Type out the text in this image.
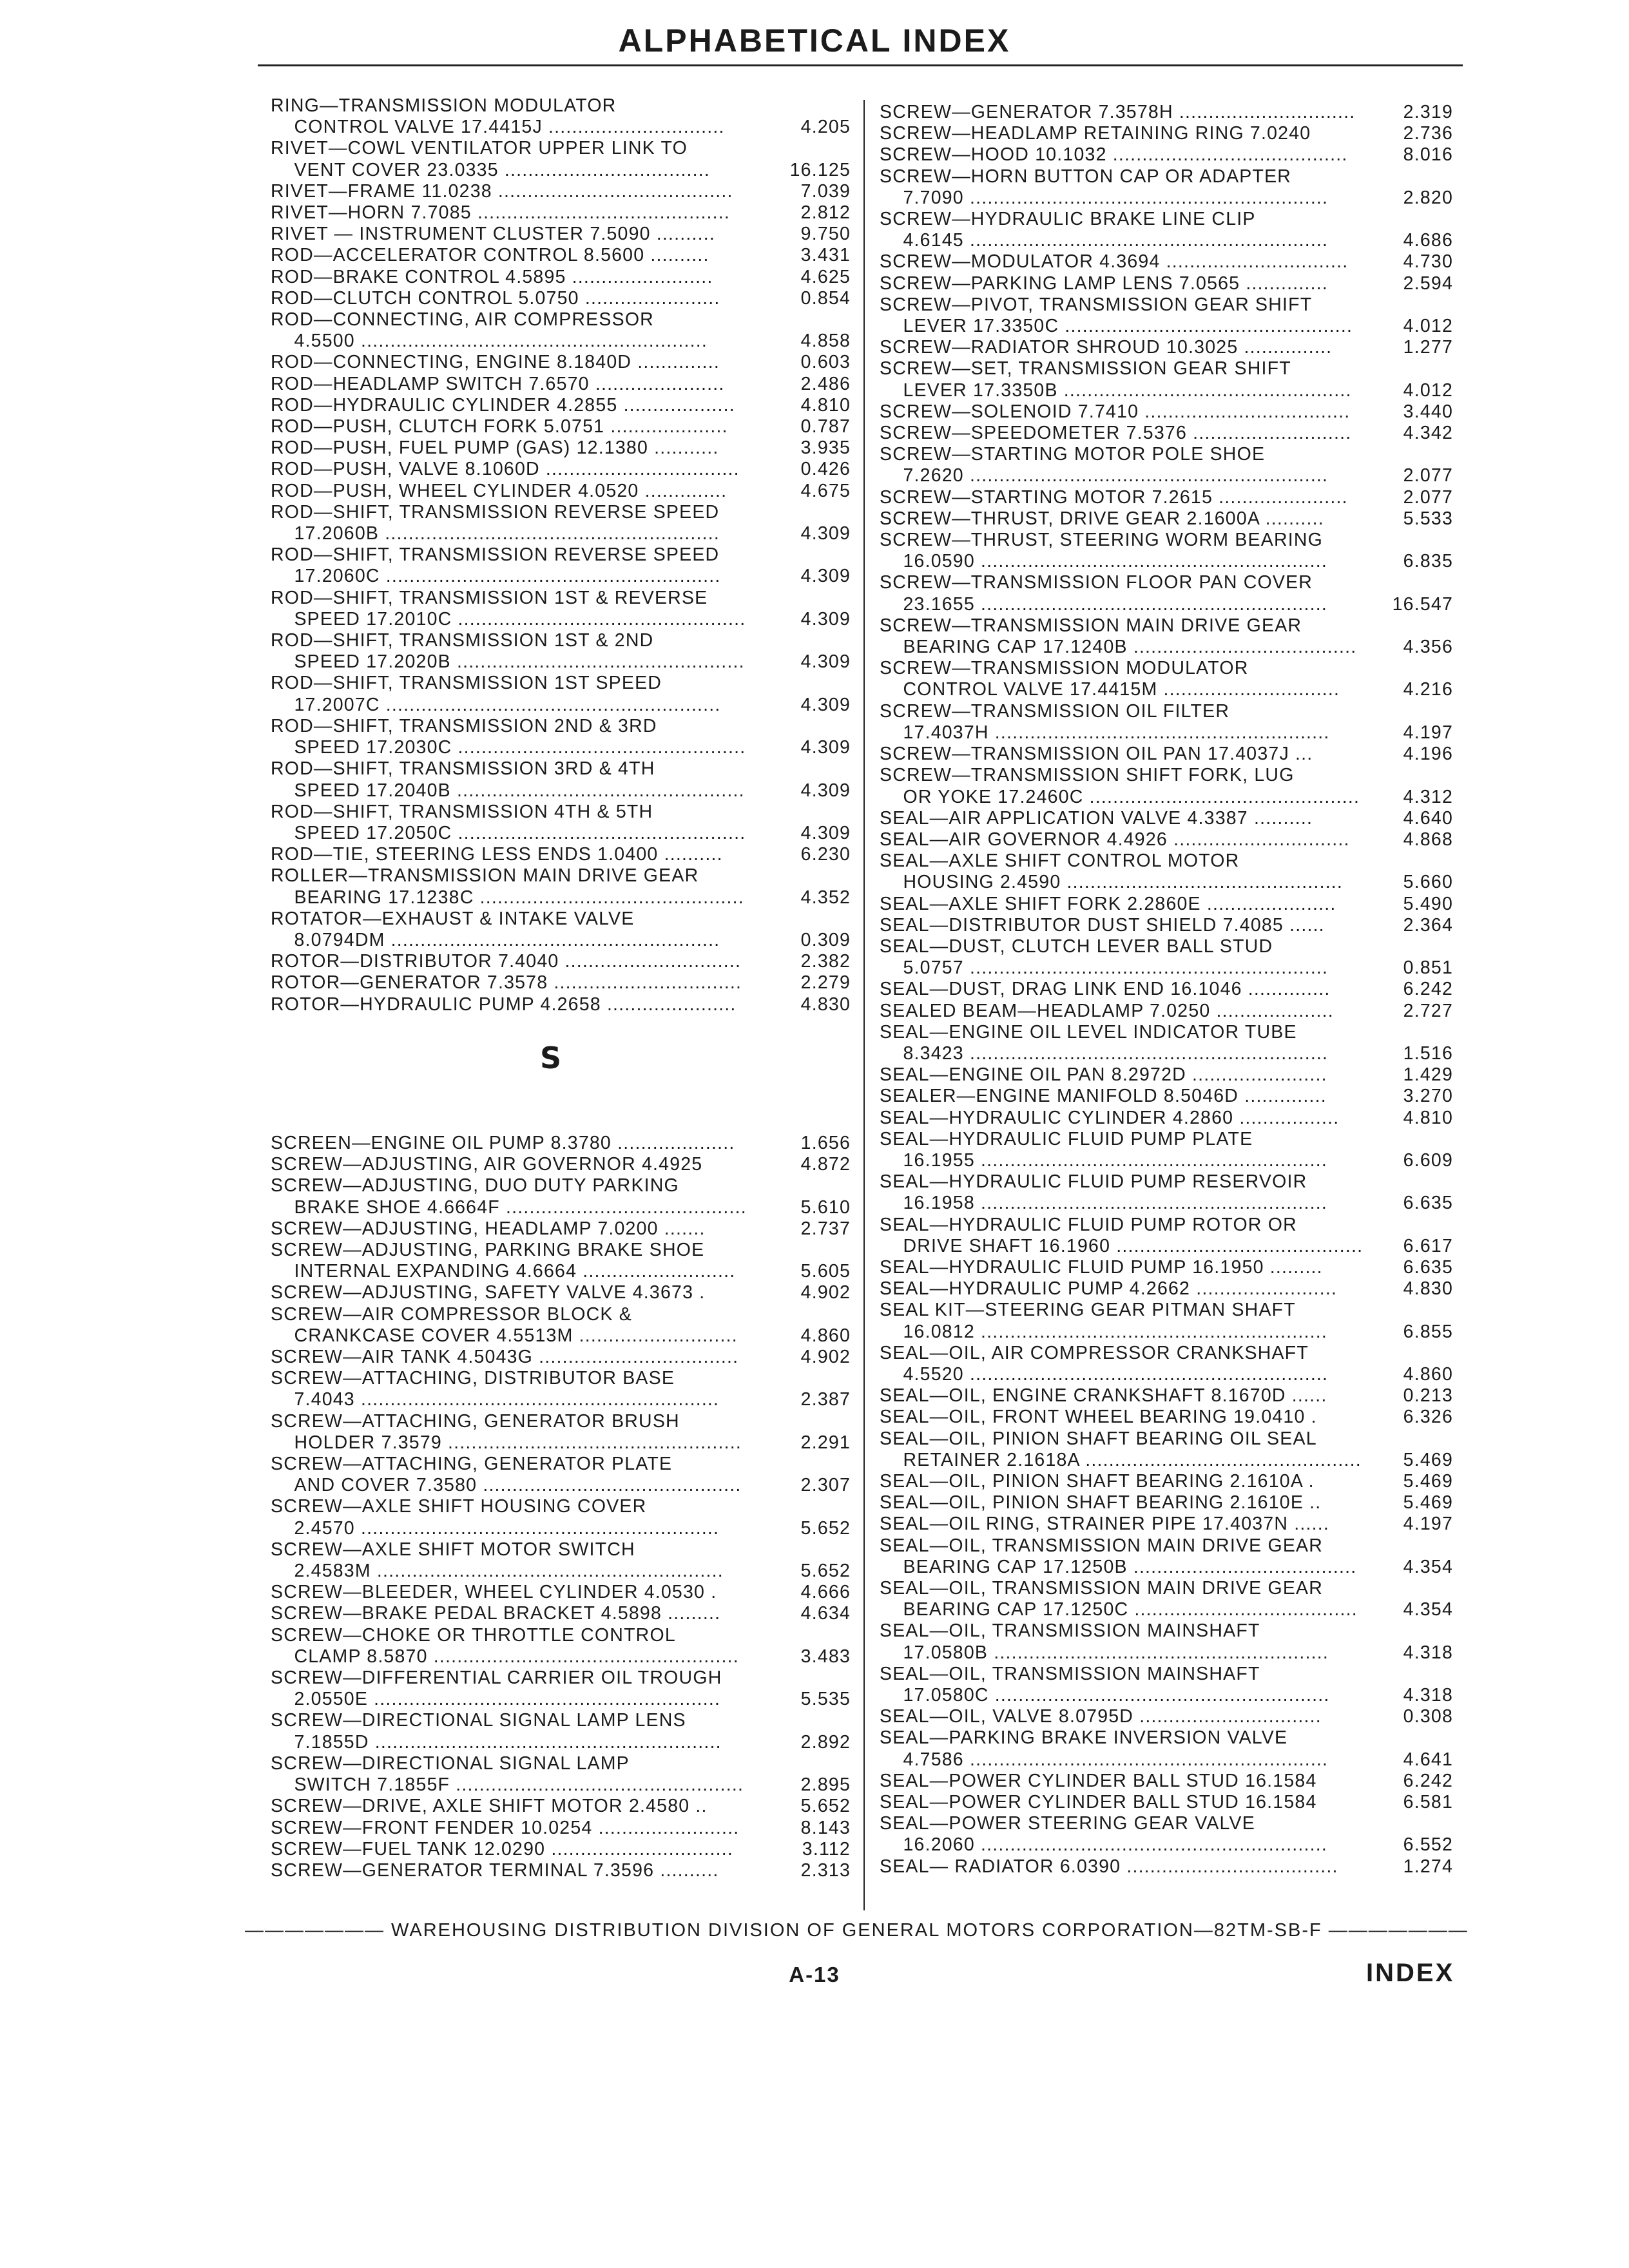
ALPHABETICAL INDEX
RING—TRANSMISSION MODULATOR
CONTROL VALVE 17.4415J ..............................	4.205
RIVET—COWL VENTILATOR UPPER LINK TO
VENT COVER 23.0335 ...................................	16.125
RIVET—FRAME 11.0238 ........................................	7.039
RIVET—HORN 7.7085 ...........................................	2.812
RIVET — INSTRUMENT CLUSTER 7.5090 ..........	9.750
ROD—ACCELERATOR CONTROL 8.5600 ..........	3.431
ROD—BRAKE CONTROL 4.5895 ........................	4.625
ROD—CLUTCH CONTROL 5.0750 .......................	0.854
ROD—CONNECTING, AIR COMPRESSOR
4.5500 ...........................................................	4.858
ROD—CONNECTING, ENGINE 8.1840D ..............	0.603
ROD—HEADLAMP SWITCH 7.6570 ......................	2.486
ROD—HYDRAULIC CYLINDER 4.2855 ...................	4.810
ROD—PUSH, CLUTCH FORK 5.0751 ....................	0.787
ROD—PUSH, FUEL PUMP (GAS) 12.1380 ...........	3.935
ROD—PUSH, VALVE 8.1060D .................................	0.426
ROD—PUSH, WHEEL CYLINDER 4.0520 ..............	4.675
ROD—SHIFT, TRANSMISSION REVERSE SPEED
17.2060B .........................................................	4.309
ROD—SHIFT, TRANSMISSION REVERSE SPEED
17.2060C .........................................................	4.309
ROD—SHIFT, TRANSMISSION 1ST & REVERSE
SPEED 17.2010C .................................................	4.309
ROD—SHIFT, TRANSMISSION 1ST & 2ND
SPEED 17.2020B .................................................	4.309
ROD—SHIFT, TRANSMISSION 1ST SPEED
17.2007C .........................................................	4.309
ROD—SHIFT, TRANSMISSION 2ND & 3RD
SPEED 17.2030C .................................................	4.309
ROD—SHIFT, TRANSMISSION 3RD & 4TH
SPEED 17.2040B .................................................	4.309
ROD—SHIFT, TRANSMISSION 4TH & 5TH
SPEED 17.2050C .................................................	4.309
ROD—TIE, STEERING LESS ENDS 1.0400 ..........	6.230
ROLLER—TRANSMISSION MAIN DRIVE GEAR
BEARING 17.1238C .............................................	4.352
ROTATOR—EXHAUST & INTAKE VALVE
8.0794DM ........................................................	0.309
ROTOR—DISTRIBUTOR 7.4040 ..............................	2.382
ROTOR—GENERATOR 7.3578 ................................	2.279
ROTOR—HYDRAULIC PUMP 4.2658 ......................	4.830
S
SCREEN—ENGINE OIL PUMP 8.3780 ....................	1.656
SCREW—ADJUSTING, AIR GOVERNOR 4.4925	4.872
SCREW—ADJUSTING, DUO DUTY PARKING
BRAKE SHOE 4.6664F .........................................	5.610
SCREW—ADJUSTING, HEADLAMP 7.0200 .......	2.737
SCREW—ADJUSTING, PARKING BRAKE SHOE
INTERNAL EXPANDING 4.6664 ..........................	5.605
SCREW—ADJUSTING, SAFETY VALVE 4.3673 .	4.902
SCREW—AIR COMPRESSOR BLOCK &
CRANKCASE COVER 4.5513M ...........................	4.860
SCREW—AIR TANK 4.5043G ..................................	4.902
SCREW—ATTACHING, DISTRIBUTOR BASE
7.4043 .............................................................	2.387
SCREW—ATTACHING, GENERATOR BRUSH
HOLDER 7.3579 ..................................................	2.291
SCREW—ATTACHING, GENERATOR PLATE
AND COVER 7.3580 ............................................	2.307
SCREW—AXLE SHIFT HOUSING COVER
2.4570 .............................................................	5.652
SCREW—AXLE SHIFT MOTOR SWITCH
2.4583M ...........................................................	5.652
SCREW—BLEEDER, WHEEL CYLINDER 4.0530 .	4.666
SCREW—BRAKE PEDAL BRACKET 4.5898 .........	4.634
SCREW—CHOKE OR THROTTLE CONTROL
CLAMP 8.5870 ....................................................	3.483
SCREW—DIFFERENTIAL CARRIER OIL TROUGH
2.0550E ...........................................................	5.535
SCREW—DIRECTIONAL SIGNAL LAMP LENS
7.1855D ...........................................................	2.892
SCREW—DIRECTIONAL SIGNAL LAMP
SWITCH 7.1855F .................................................	2.895
SCREW—DRIVE, AXLE SHIFT MOTOR 2.4580 ..	5.652
SCREW—FRONT FENDER 10.0254 ........................	8.143
SCREW—FUEL TANK 12.0290 ...............................	3.112
SCREW—GENERATOR TERMINAL 7.3596 ..........	2.313
SCREW—GENERATOR 7.3578H ..............................	2.319
SCREW—HEADLAMP RETAINING RING 7.0240	2.736
SCREW—HOOD 10.1032 ........................................	8.016
SCREW—HORN BUTTON CAP OR ADAPTER
7.7090 .............................................................	2.820
SCREW—HYDRAULIC BRAKE LINE CLIP
4.6145 .............................................................	4.686
SCREW—MODULATOR 4.3694 ...............................	4.730
SCREW—PARKING LAMP LENS 7.0565 ..............	2.594
SCREW—PIVOT, TRANSMISSION GEAR SHIFT
LEVER 17.3350C .................................................	4.012
SCREW—RADIATOR SHROUD 10.3025 ...............	1.277
SCREW—SET, TRANSMISSION GEAR SHIFT
LEVER 17.3350B .................................................	4.012
SCREW—SOLENOID 7.7410 ...................................	3.440
SCREW—SPEEDOMETER 7.5376 ...........................	4.342
SCREW—STARTING MOTOR POLE SHOE
7.2620 .............................................................	2.077
SCREW—STARTING MOTOR 7.2615 ......................	2.077
SCREW—THRUST, DRIVE GEAR 2.1600A ..........	5.533
SCREW—THRUST, STEERING WORM BEARING
16.0590 ...........................................................	6.835
SCREW—TRANSMISSION FLOOR PAN COVER
23.1655 ...........................................................	16.547
SCREW—TRANSMISSION MAIN DRIVE GEAR
BEARING CAP 17.1240B ......................................	4.356
SCREW—TRANSMISSION MODULATOR
CONTROL VALVE 17.4415M ..............................	4.216
SCREW—TRANSMISSION OIL FILTER
17.4037H .........................................................	4.197
SCREW—TRANSMISSION OIL PAN 17.4037J ...	4.196
SCREW—TRANSMISSION SHIFT FORK, LUG
OR YOKE 17.2460C ..............................................	4.312
SEAL—AIR APPLICATION VALVE 4.3387 ..........	4.640
SEAL—AIR GOVERNOR 4.4926 ..............................	4.868
SEAL—AXLE SHIFT CONTROL MOTOR
HOUSING 2.4590 ...............................................	5.660
SEAL—AXLE SHIFT FORK 2.2860E ......................	5.490
SEAL—DISTRIBUTOR DUST SHIELD 7.4085 ......	2.364
SEAL—DUST, CLUTCH LEVER BALL STUD
5.0757 .............................................................	0.851
SEAL—DUST, DRAG LINK END 16.1046 ..............	6.242
SEALED BEAM—HEADLAMP 7.0250 ....................	2.727
SEAL—ENGINE OIL LEVEL INDICATOR TUBE
8.3423 .............................................................	1.516
SEAL—ENGINE OIL PAN 8.2972D .......................	1.429
SEALER—ENGINE MANIFOLD 8.5046D ..............	3.270
SEAL—HYDRAULIC CYLINDER 4.2860 .................	4.810
SEAL—HYDRAULIC FLUID PUMP PLATE
16.1955 ...........................................................	6.609
SEAL—HYDRAULIC FLUID PUMP RESERVOIR
16.1958 ...........................................................	6.635
SEAL—HYDRAULIC FLUID PUMP ROTOR OR
DRIVE SHAFT 16.1960 ..........................................	6.617
SEAL—HYDRAULIC FLUID PUMP 16.1950 .........	6.635
SEAL—HYDRAULIC PUMP 4.2662 ........................	4.830
SEAL KIT—STEERING GEAR PITMAN SHAFT
16.0812 ...........................................................	6.855
SEAL—OIL, AIR COMPRESSOR CRANKSHAFT
4.5520 .............................................................	4.860
SEAL—OIL, ENGINE CRANKSHAFT 8.1670D ......	0.213
SEAL—OIL, FRONT WHEEL BEARING 19.0410 .	6.326
SEAL—OIL, PINION SHAFT BEARING OIL SEAL
RETAINER 2.1618A ...............................................	5.469
SEAL—OIL, PINION SHAFT BEARING 2.1610A .	5.469
SEAL—OIL, PINION SHAFT BEARING 2.1610E ..	5.469
SEAL—OIL RING, STRAINER PIPE 17.4037N ......	4.197
SEAL—OIL, TRANSMISSION MAIN DRIVE GEAR
BEARING CAP 17.1250B ......................................	4.354
SEAL—OIL, TRANSMISSION MAIN DRIVE GEAR
BEARING CAP 17.1250C ......................................	4.354
SEAL—OIL, TRANSMISSION MAINSHAFT
17.0580B .........................................................	4.318
SEAL—OIL, TRANSMISSION MAINSHAFT
17.0580C .........................................................	4.318
SEAL—OIL, VALVE 8.0795D ...............................	0.308
SEAL—PARKING BRAKE INVERSION VALVE
4.7586 .............................................................	4.641
SEAL—POWER CYLINDER BALL STUD 16.1584	6.242
SEAL—POWER CYLINDER BALL STUD 16.1584	6.581
SEAL—POWER STEERING GEAR VALVE
16.2060 ...........................................................	6.552
SEAL— RADIATOR 6.0390 ....................................	1.274
——————— WAREHOUSING DISTRIBUTION DIVISION OF GENERAL MOTORS CORPORATION—82TM-SB-F ———————
A-13	INDEX
